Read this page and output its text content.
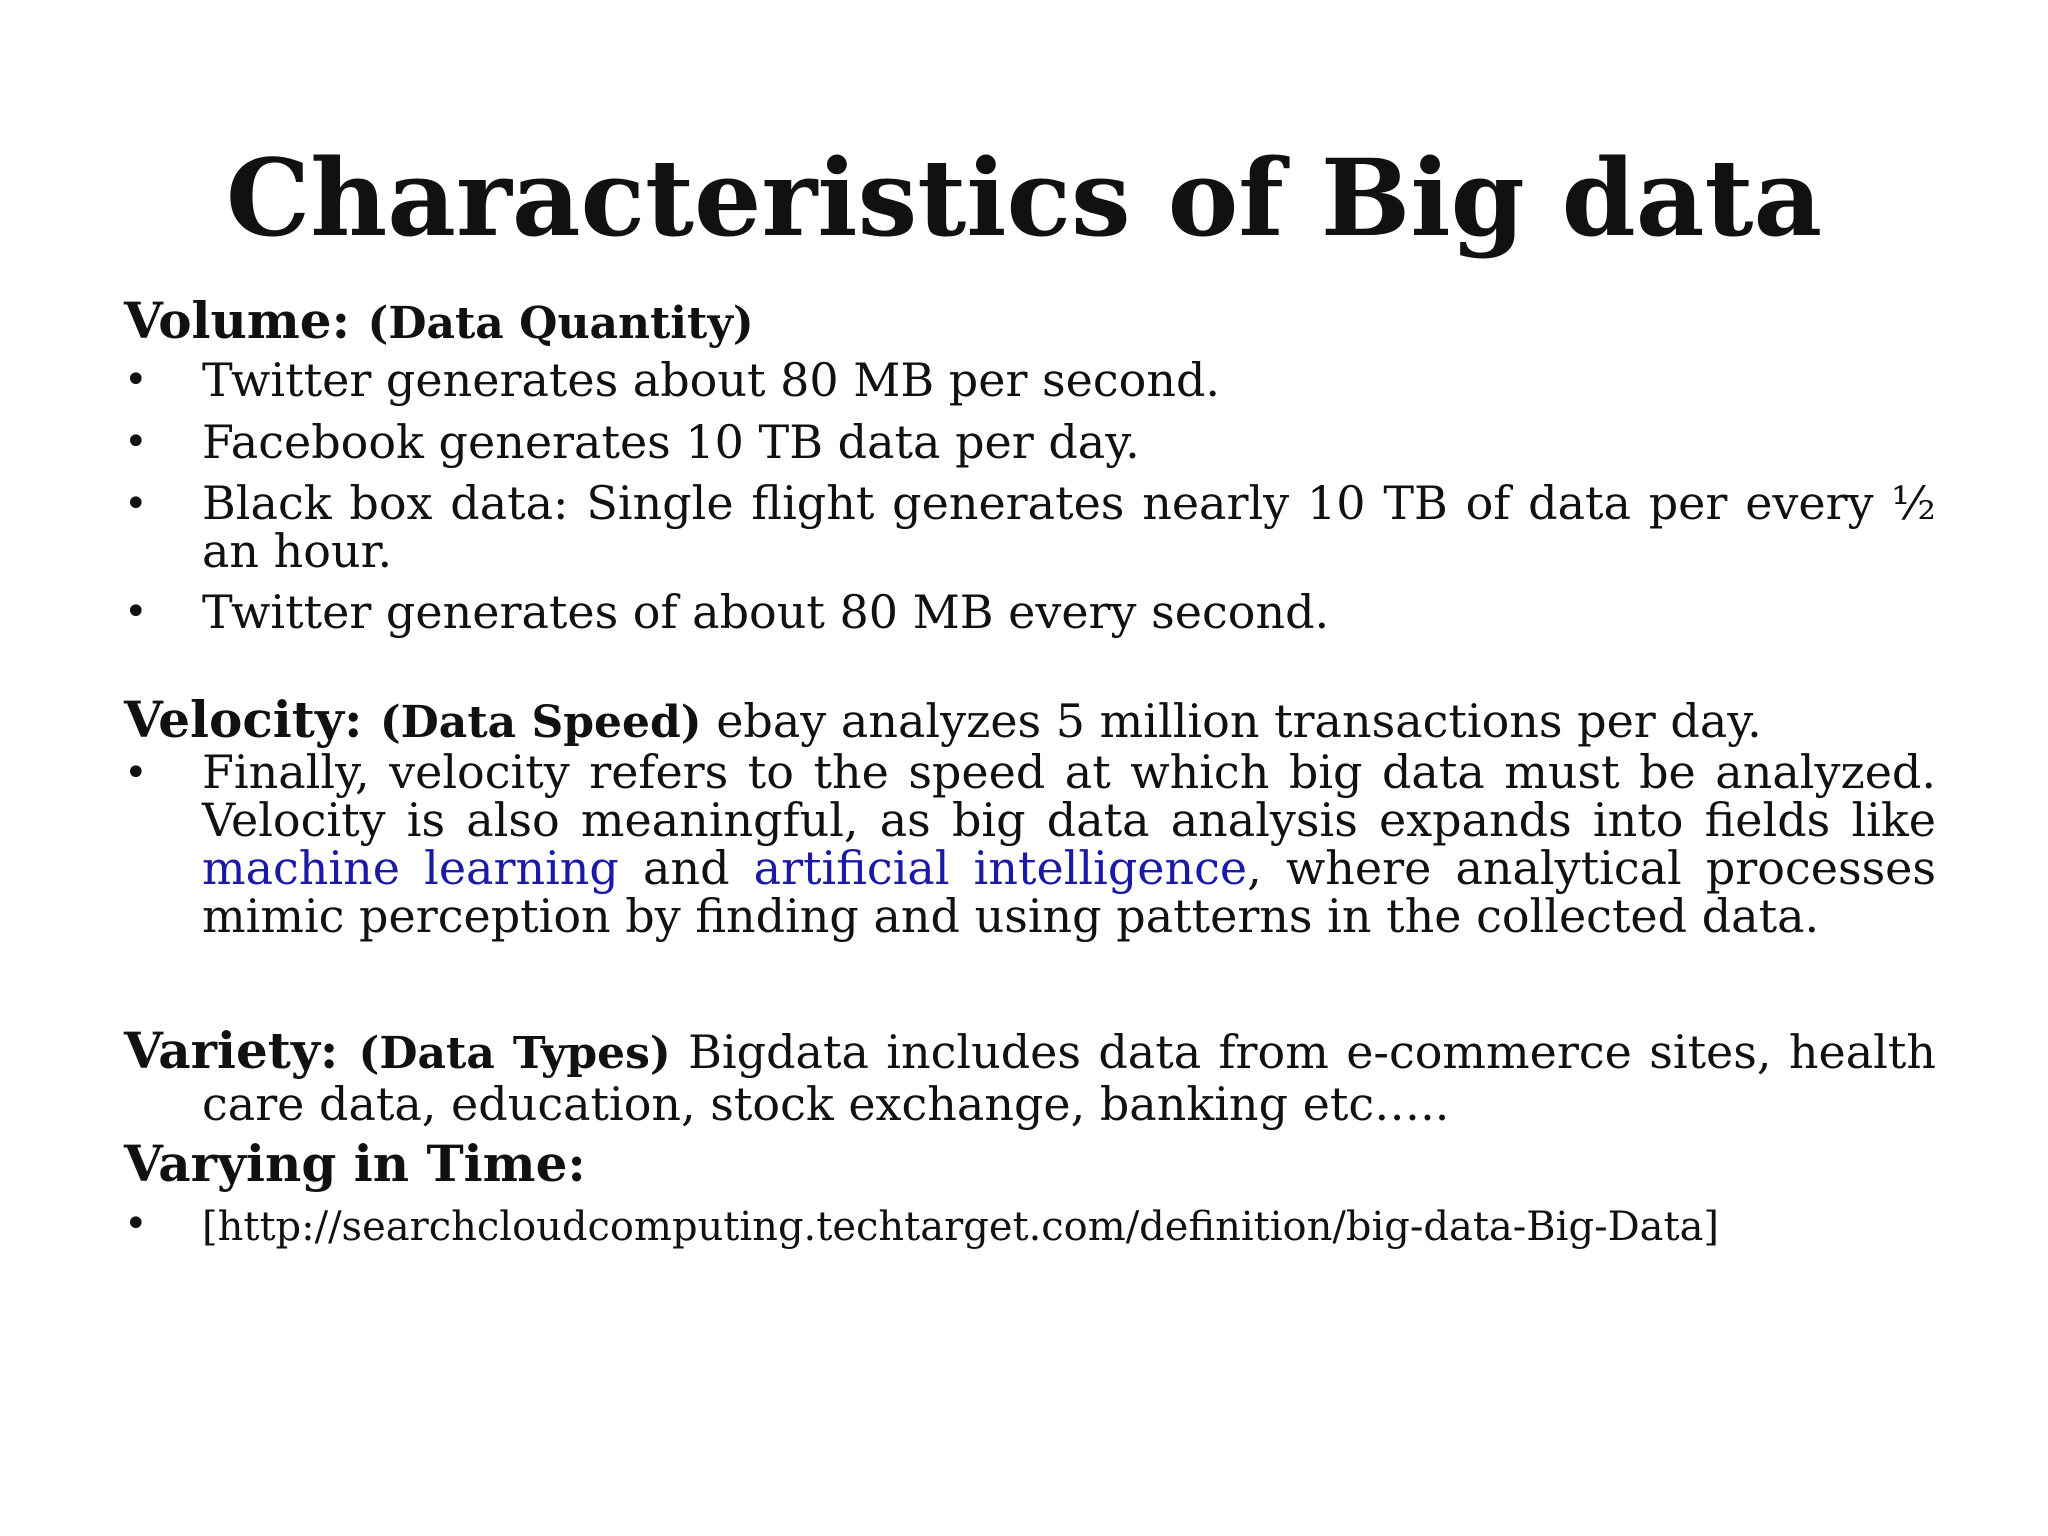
Characteristics of Big data
Volume: (Data Quantity)
• Twitter generates about 80 MB per second.
• Facebook generates 10 TB data per day.
• Black box data: Single flight generates nearly 10 TB of data per every ½ an hour.
• Twitter generates of about 80 MB every second.
Velocity: (Data Speed) ebay analyzes 5 million transactions per day.
• Finally, velocity refers to the speed at which big data must be analyzed. Velocity is also meaningful, as big data analysis expands into fields like machine learning and artificial intelligence, where analytical processes mimic perception by finding and using patterns in the collected data.
Variety: (Data Types) Bigdata includes data from e-commerce sites, health care data, education, stock exchange, banking etc…..
Varying in Time:
• [http://searchcloudcomputing.techtarget.com/definition/big-data-Big-Data]
